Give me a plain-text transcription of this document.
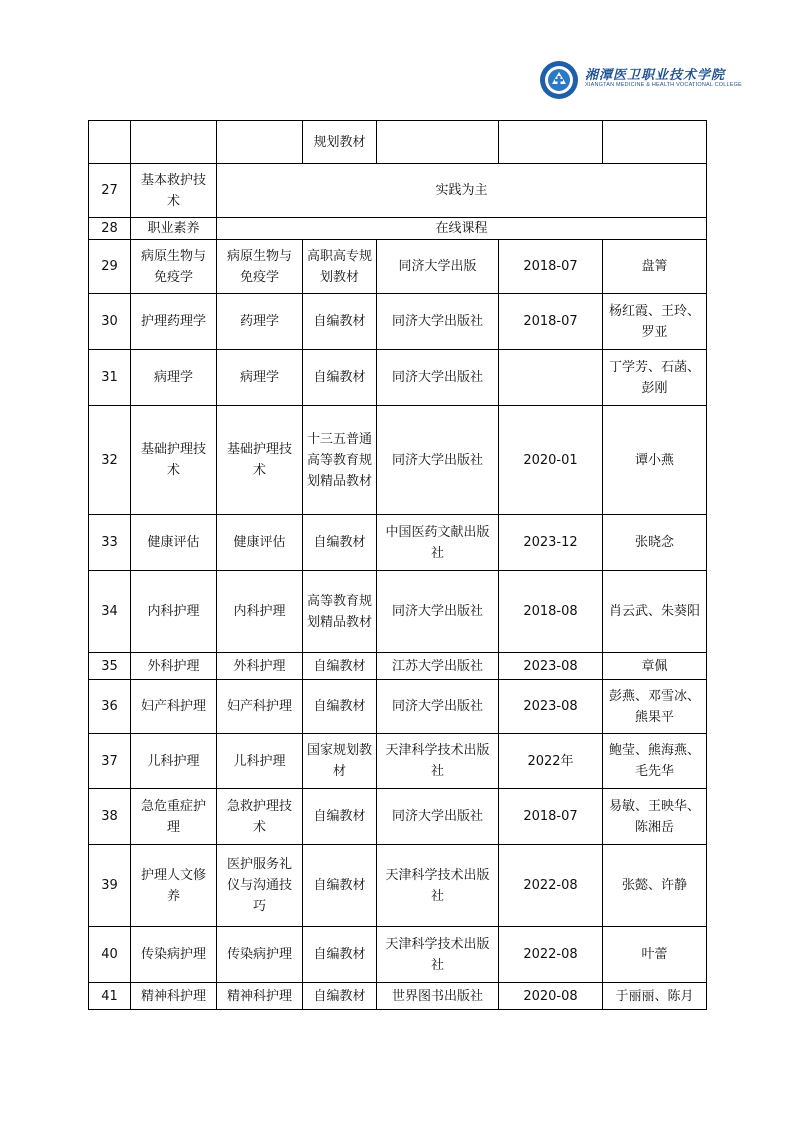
湘潭医卫职业技术学院
XIANGTAN MEDICINE & HEALTH VOCATIONAL COLLEGE
			规划教材			
27	基本救护技术	实践为主				
28	职业素养	在线课程				
29	病原生物与免疫学	病原生物与免疫学	高职高专规划教材	同济大学出版	2018-07	盘箐
30	护理药理学	药理学	自编教材	同济大学出版社	2018-07	杨红霞、王玲、罗亚
31	病理学	病理学	自编教材	同济大学出版社		丁学芳、石菡、彭刚
32	基础护理技术	基础护理技术	十三五普通高等教育规划精品教材	同济大学出版社	2020-01	谭小燕
33	健康评估	健康评估	自编教材	中国医药文献出版社	2023-12	张晓念
34	内科护理	内科护理	高等教育规划精品教材	同济大学出版社	2018-08	肖云武、朱葵阳
35	外科护理	外科护理	自编教材	江苏大学出版社	2023-08	章佩
36	妇产科护理	妇产科护理	自编教材	同济大学出版社	2023-08	彭燕、邓雪冰、熊果平
37	儿科护理	儿科护理	国家规划教材	天津科学技术出版社	2022年	鲍莹、熊海燕、毛先华
38	急危重症护理	急救护理技术	自编教材	同济大学出版社	2018-07	易敏、王映华、陈湘岳
39	护理人文修养	医护服务礼仪与沟通技巧	自编教材	天津科学技术出版社	2022-08	张懿、许静
40	传染病护理	传染病护理	自编教材	天津科学技术出版社	2022-08	叶蕾
41	精神科护理	精神科护理	自编教材	世界图书出版社	2020-08	于丽丽、陈月
